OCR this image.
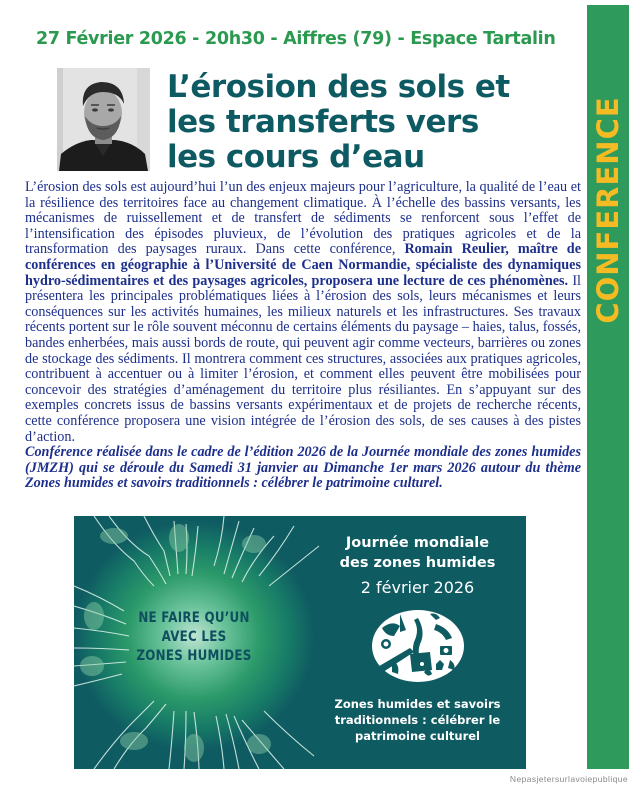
CONFERENCE
27 Février 2026 - 20h30 - Aiffres (79) - Espace Tartalin
L’érosion des sols et
les transferts vers
les cours d’eau
L’érosion des sols est aujourd’hui l’un des enjeux majeurs pour l’agriculture, la qualité de l’eau et la résilience des territoires face au changement climatique. À l’échelle des bassins versants, les mécanismes de ruissellement et de transfert de sédiments se renforcent sous l’effet de l’intensification des épisodes pluvieux, de l’évolution des pratiques agricoles et de la transformation des paysages ruraux. Dans cette conférence, Romain Reulier, maître de conférences en géographie à l’Université de Caen Normandie, spécialiste des dynamiques hydro-sédimentaires et des paysages agricoles, proposera une lecture de ces phénomènes. Il présentera les principales problématiques liées à l’érosion des sols, leurs mécanismes et leurs conséquences sur les activités humaines, les milieux naturels et les infrastructures. Ses travaux récents portent sur le rôle souvent méconnu de certains éléments du paysage – haies, talus, fossés, bandes enherbées, mais aussi bords de route, qui peuvent agir comme vecteurs, barrières ou zones de stockage des sédiments. Il montrera comment ces structures, associées aux pratiques agricoles, contribuent à accentuer ou à limiter l’érosion, et comment elles peuvent être mobilisées pour concevoir des stratégies d’aménagement du territoire plus résiliantes. En s’appuyant sur des exemples concrets issus de bassins versants expérimentaux et de projets de recherche récents, cette conférence proposera une vision intégrée de l’érosion des sols, de ses causes à des pistes d’action.
Conférence réalisée dans le cadre de l’édition 2026 de la Journée mondiale des zones humides (JMZH) qui se déroule du Samedi 31 janvier au Dimanche 1er mars 2026 autour du thème Zones humides et savoirs traditionnels : célébrer le patrimoine culturel.
NE FAIRE QU’UN
AVEC LES
ZONES HUMIDES
Journée mondiale
des zones humides
2 février 2026
Zones humides et savoirs
traditionnels : célébrer le
patrimoine culturel
Nepasjetersurlavoiepublique
